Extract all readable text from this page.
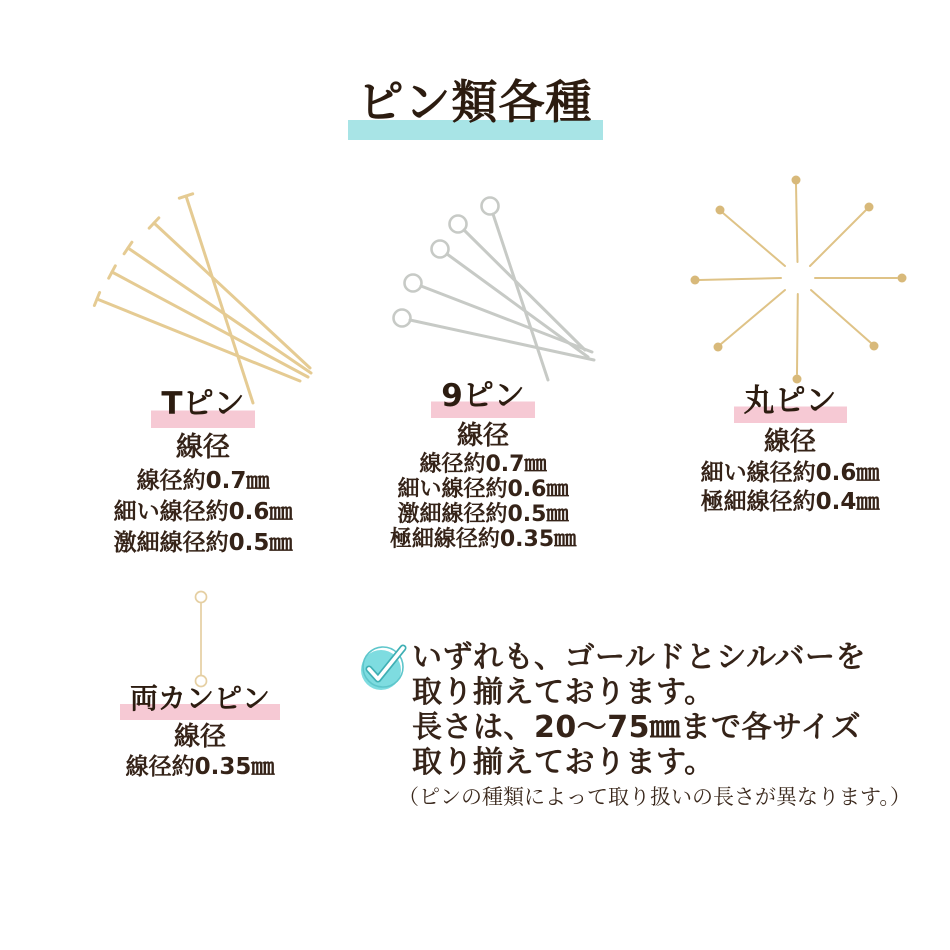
ピン類各種
Tピン
線径
線径約0.7㎜
細い線径約0.6㎜
激細線径約0.5㎜
9ピン
線径
線径約0.7㎜
細い線径約0.6㎜
激細線径約0.5㎜
極細線径約0.35㎜
丸ピン
線径
細い線径約0.6㎜
極細線径約0.4㎜
両カンピン
線径
線径約0.35㎜
いずれも、ゴールドとシルバーを
取り揃えております。
長さは、20〜75㎜まで各サイズ
取り揃えております。
（ピンの種類によって取り扱いの長さが異なります。）
